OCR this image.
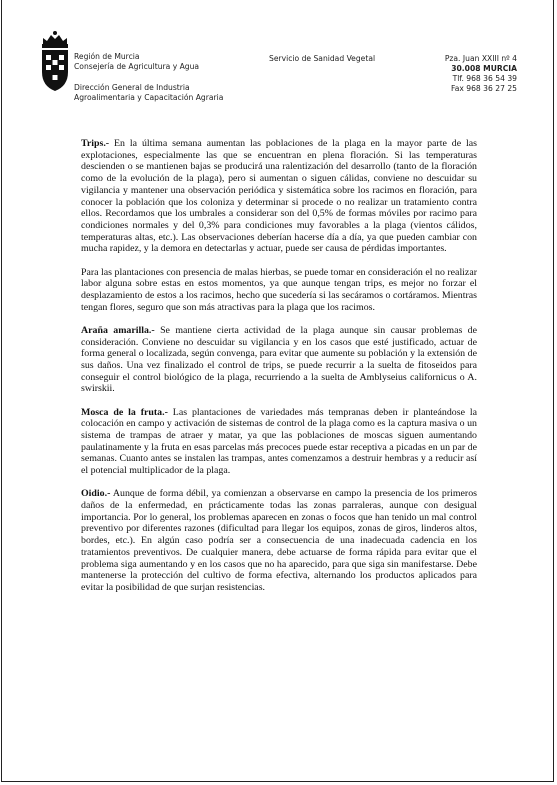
Región de Murcia
Consejería de Agricultura y Agua
Dirección General de Industria
Agroalimentaria y Capacitación Agraria
Servicio de Sanidad Vegetal	Pza. Juan XXIII nº 4
30.008 MURCIA
Tlf. 968 36 54 39
Fax 968 36 27 25

Trips.- En la última semana aumentan las poblaciones de la plaga en la mayor parte de las explotaciones, especialmente las que se encuentran en plena floración. Si las temperaturas descienden o se mantienen bajas se producirá una ralentización del desarrollo (tanto de la floración como de la evolución de la plaga), pero si aumentan o siguen cálidas, conviene no descuidar su vigilancia y mantener una observación periódica y sistemática sobre los racimos en floración, para conocer la población que los coloniza y determinar si procede o no realizar un tratamiento contra ellos. Recordamos que los umbrales a considerar son del 0,5% de formas móviles por racimo para condiciones normales y del 0,3% para condiciones muy favorables a la plaga (vientos cálidos, temperaturas altas, etc.). Las observaciones deberían hacerse día a día, ya que pueden cambiar con mucha rapidez, y la demora en detectarlas y actuar, puede ser causa de pérdidas importantes.

Para las plantaciones con presencia de malas hierbas, se puede tomar en consideración el no realizar labor alguna sobre estas en estos momentos, ya que aunque tengan trips, es mejor no forzar el desplazamiento de estos a los racimos, hecho que sucedería si las secáramos o cortáramos. Mientras tengan flores, seguro que son más atractivas para la plaga que los racimos.

Araña amarilla.- Se mantiene cierta actividad de la plaga aunque sin causar problemas de consideración. Conviene no descuidar su vigilancia y en los casos que esté justificado, actuar de forma general o localizada, según convenga, para evitar que aumente su población y la extensión de sus daños. Una vez finalizado el control de trips, se puede recurrir a la suelta de fitoseidos para conseguir el control biológico de la plaga, recurriendo a la suelta de Amblyseius californicus o A. swirskii.

Mosca de la fruta.- Las plantaciones de variedades más tempranas deben ir planteándose la colocación en campo y activación de sistemas de control de la plaga como es la captura masiva o un sistema de trampas de atraer y matar, ya que las poblaciones de moscas siguen aumentando paulatinamente y la fruta en esas parcelas más precoces puede estar receptiva a picadas en un par de semanas. Cuanto antes se instalen las trampas, antes comenzamos a destruir hembras y a reducir así el potencial multiplicador de la plaga.

Oidio.- Aunque de forma débil, ya comienzan a observarse en campo la presencia de los primeros daños de la enfermedad, en prácticamente todas las zonas parraleras, aunque con desigual importancia. Por lo general, los problemas aparecen en zonas o focos que han tenido un mal control preventivo por diferentes razones (dificultad para llegar los equipos, zonas de giros, linderos altos, bordes, etc.). En algún caso podría ser a consecuencia de una inadecuada cadencia en los tratamientos preventivos. De cualquier manera, debe actuarse de forma rápida para evitar que el problema siga aumentando y en los casos que no ha aparecido, para que siga sin manifestarse. Debe mantenerse la protección del cultivo de forma efectiva, alternando los productos aplicados para evitar la posibilidad de que surjan resistencias.
